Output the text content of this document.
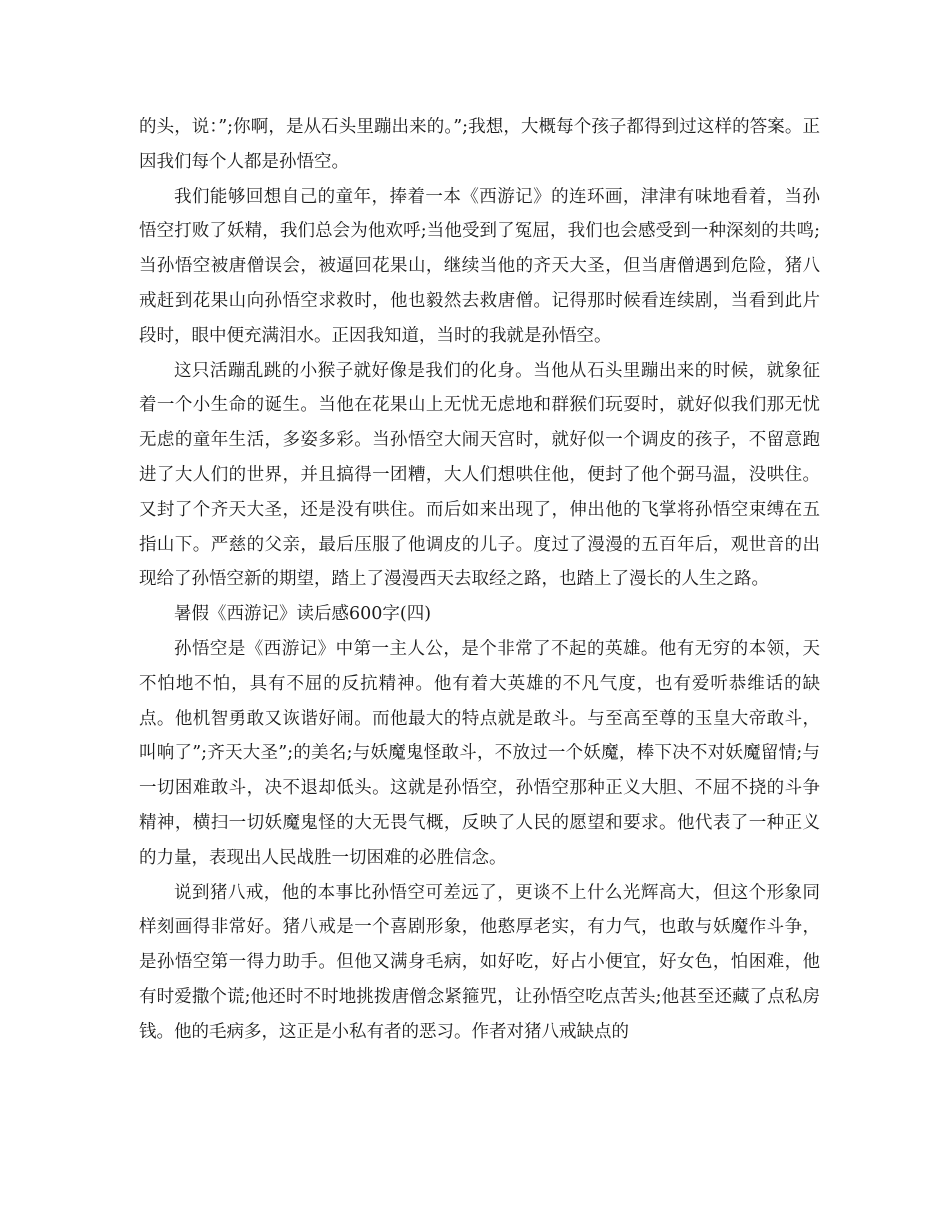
的头，说：”;你啊，是从石头里蹦出来的。”;我想，大概每个孩子都得到过这样的答案。正因我们每个人都是孙悟空。

我们能够回想自己的童年，捧着一本《西游记》的连环画，津津有味地看着，当孙悟空打败了妖精，我们总会为他欢呼;当他受到了冤屈，我们也会感受到一种深刻的共鸣;当孙悟空被唐僧误会，被逼回花果山，继续当他的齐天大圣，但当唐僧遇到危险，猪八戒赶到花果山向孙悟空求救时，他也毅然去救唐僧。记得那时候看连续剧，当看到此片段时，眼中便充满泪水。正因我知道，当时的我就是孙悟空。

这只活蹦乱跳的小猴子就好像是我们的化身。当他从石头里蹦出来的时候，就象征着一个小生命的诞生。当他在花果山上无忧无虑地和群猴们玩耍时，就好似我们那无忧无虑的童年生活，多姿多彩。当孙悟空大闹天宫时，就好似一个调皮的孩子，不留意跑进了大人们的世界，并且搞得一团糟，大人们想哄住他，便封了他个弼马温，没哄住。又封了个齐天大圣，还是没有哄住。而后如来出现了，伸出他的飞掌将孙悟空束缚在五指山下。严慈的父亲，最后压服了他调皮的儿子。度过了漫漫的五百年后，观世音的出现给了孙悟空新的期望，踏上了漫漫西天去取经之路，也踏上了漫长的人生之路。

暑假《西游记》读后感600字(四)

孙悟空是《西游记》中第一主人公，是个非常了不起的英雄。他有无穷的本领，天不怕地不怕，具有不屈的反抗精神。他有着大英雄的不凡气度，也有爱听恭维话的缺点。他机智勇敢又诙谐好闹。而他最大的特点就是敢斗。与至高至尊的玉皇大帝敢斗，叫响了”;齐天大圣”;的美名;与妖魔鬼怪敢斗，不放过一个妖魔，棒下决不对妖魔留情;与一切困难敢斗，决不退却低头。这就是孙悟空，孙悟空那种正义大胆、不屈不挠的斗争精神，横扫一切妖魔鬼怪的大无畏气概，反映了人民的愿望和要求。他代表了一种正义的力量，表现出人民战胜一切困难的必胜信念。

说到猪八戒，他的本事比孙悟空可差远了，更谈不上什么光辉高大，但这个形象同样刻画得非常好。猪八戒是一个喜剧形象，他憨厚老实，有力气，也敢与妖魔作斗争，是孙悟空第一得力助手。但他又满身毛病，如好吃，好占小便宜，好女色，怕困难，他有时爱撒个谎;他还时不时地挑拨唐僧念紧箍咒，让孙悟空吃点苦头;他甚至还藏了点私房钱。他的毛病多，这正是小私有者的恶习。作者对猪八戒缺点的
